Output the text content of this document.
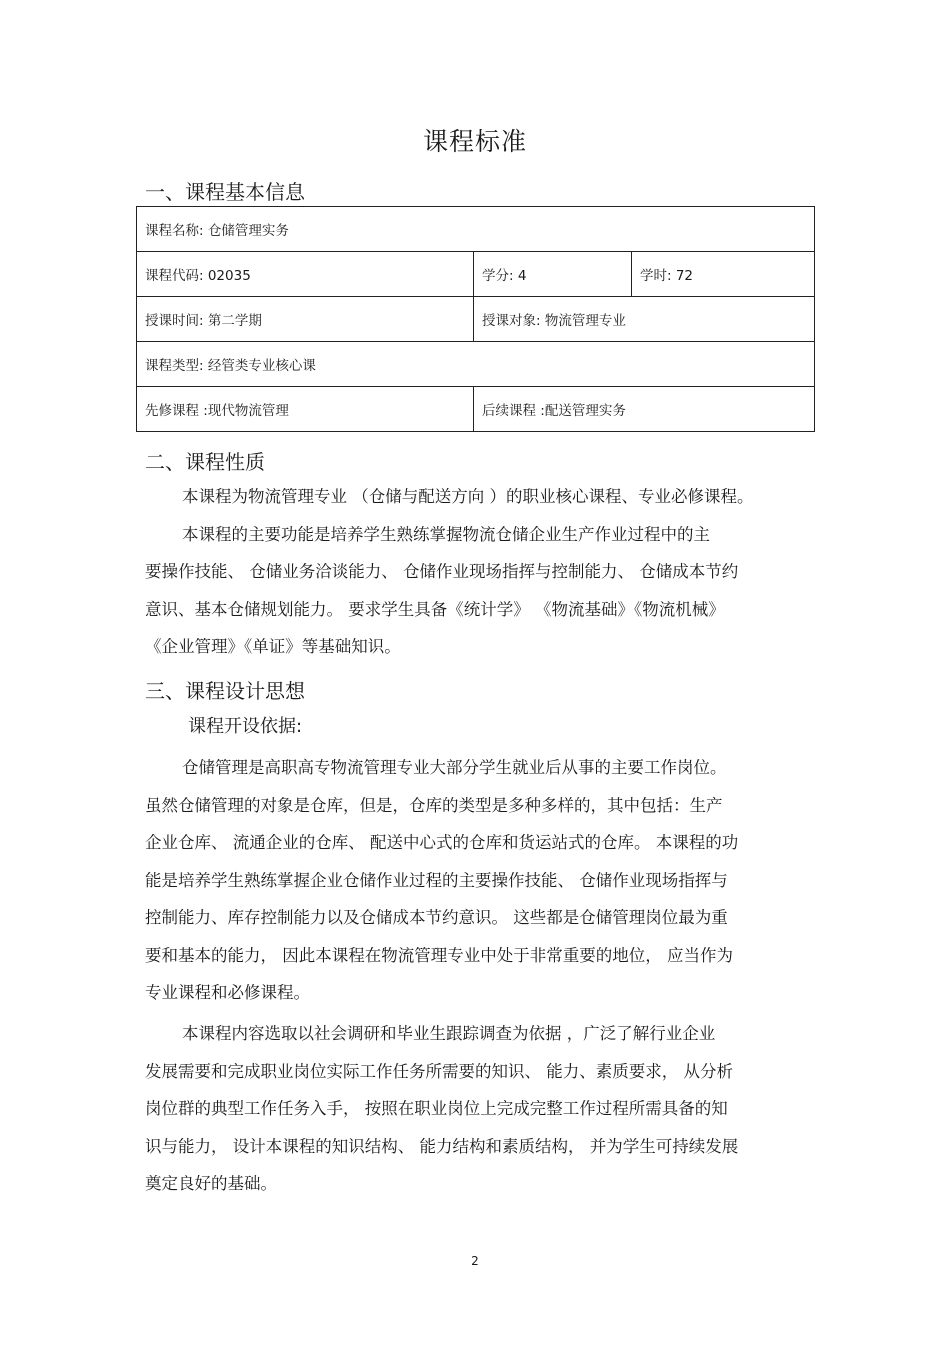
课程标准
一、课程基本信息
课程名称: 仓储管理实务		
课程代码: 02035	学分: 4	学时: 72
授课时间: 第二学期	授课对象: 物流管理专业	
课程类型: 经管类专业核心课		
先修课程 :现代物流管理	后续课程 :配送管理实务	
二、课程性质
本课程为物流管理专业 （仓储与配送方向 ）的职业核心课程、专业必修课程。
本课程的主要功能是培养学生熟练掌握物流仓储企业生产作业过程中的主
要操作技能、 仓储业务洽谈能力、 仓储作业现场指挥与控制能力、 仓储成本节约
意识、基本仓储规划能力。 要求学生具备《统计学》 《物流基础》《物流机械》
《企业管理》《单证》等基础知识。
三、课程设计思想
课程开设依据:
仓储管理是高职高专物流管理专业大部分学生就业后从事的主要工作岗位。
虽然仓储管理的对象是仓库，但是，仓库的类型是多种多样的，其中包括：生产
企业仓库、 流通企业的仓库、 配送中心式的仓库和货运站式的仓库。 本课程的功
能是培养学生熟练掌握企业仓储作业过程的主要操作技能、 仓储作业现场指挥与
控制能力、库存控制能力以及仓储成本节约意识。 这些都是仓储管理岗位最为重
要和基本的能力， 因此本课程在物流管理专业中处于非常重要的地位， 应当作为
专业课程和必修课程。
本课程内容选取以社会调研和毕业生跟踪调查为依据 ，广泛了解行业企业
发展需要和完成职业岗位实际工作任务所需要的知识、 能力、素质要求， 从分析
岗位群的典型工作任务入手， 按照在职业岗位上完成完整工作过程所需具备的知
识与能力， 设计本课程的知识结构、 能力结构和素质结构， 并为学生可持续发展
奠定良好的基础。
2
